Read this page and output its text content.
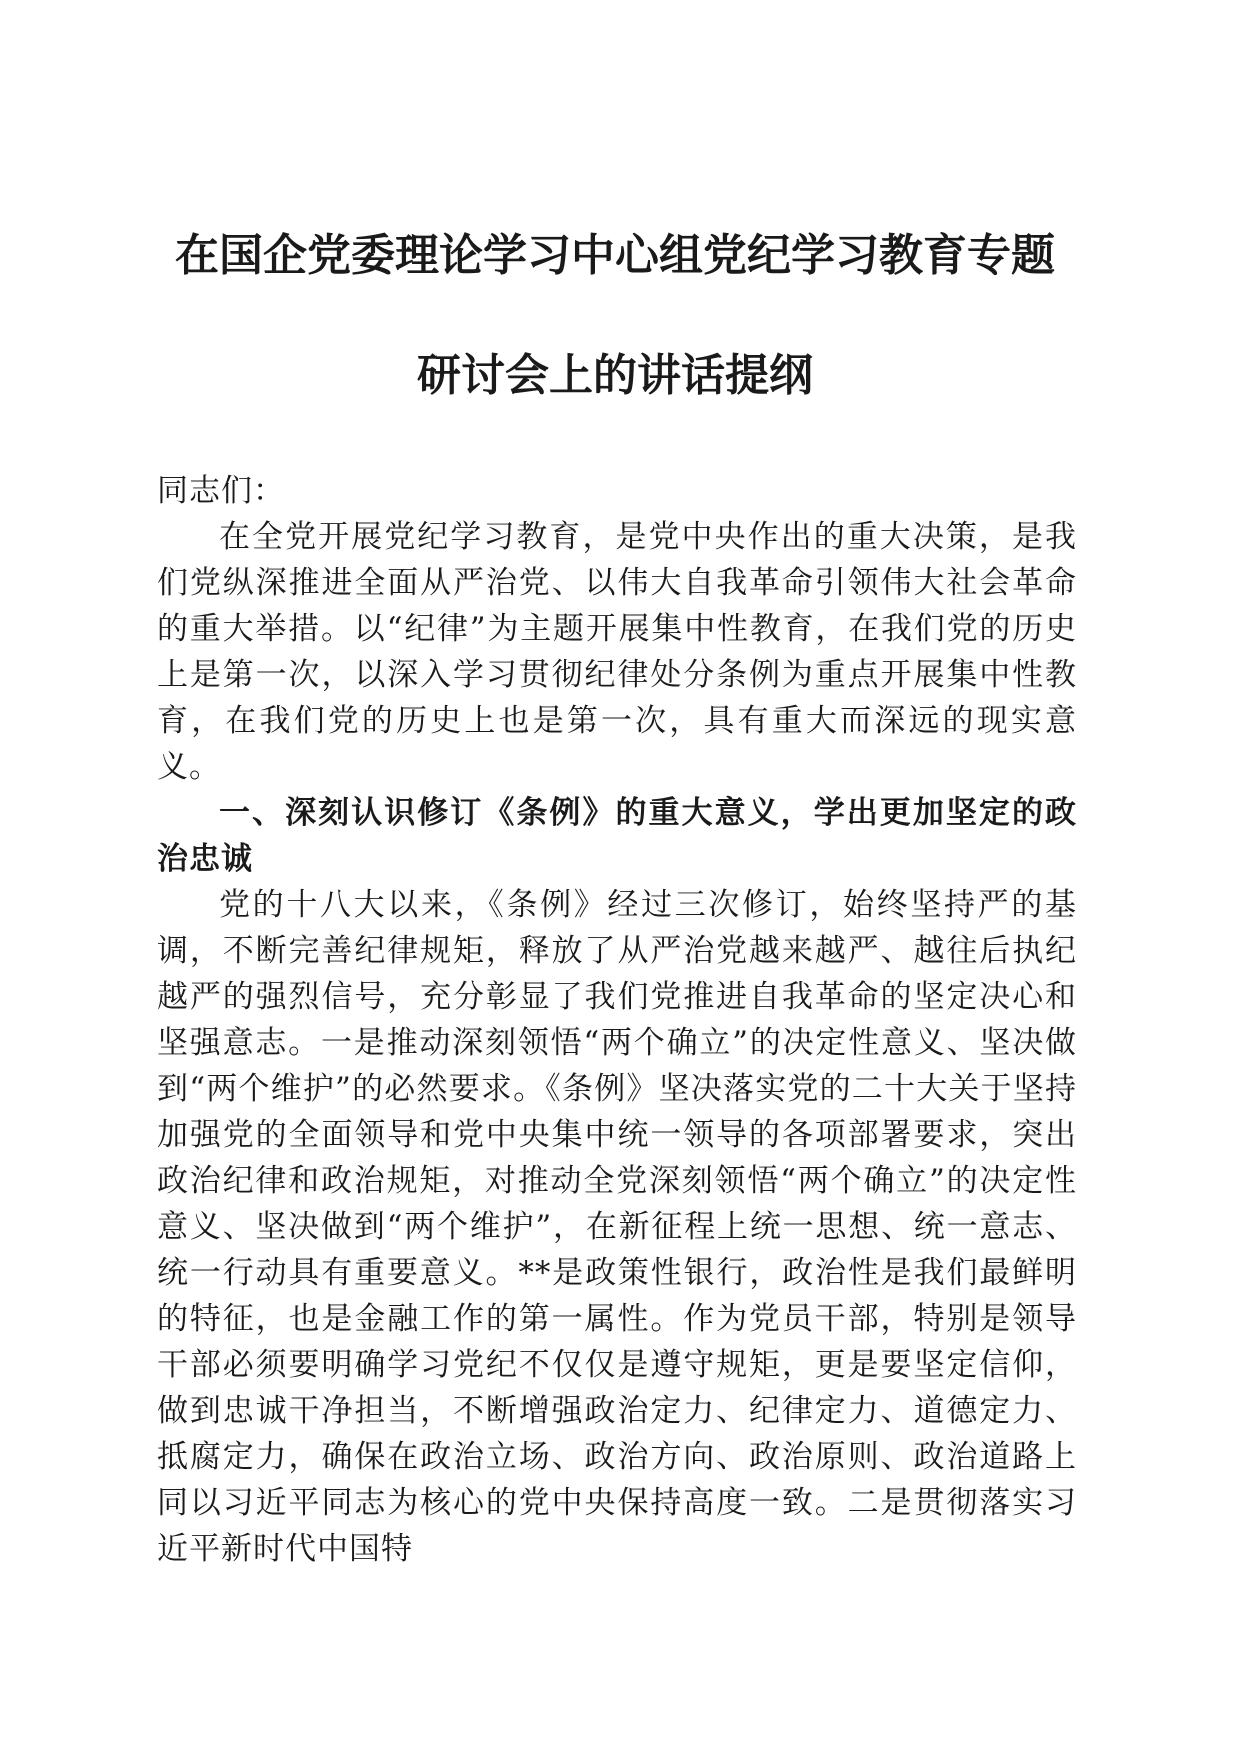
在国企党委理论学习中心组党纪学习教育专题
研讨会上的讲话提纲

同志们：

在全党开展党纪学习教育，是党中央作出的重大决策，是我们党纵深推进全面从严治党、以伟大自我革命引领伟大社会革命的重大举措。以“纪律”为主题开展集中性教育，在我们党的历史上是第一次，以深入学习贯彻纪律处分条例为重点开展集中性教育，在我们党的历史上也是第一次，具有重大而深远的现实意义。

一、深刻认识修订《条例》的重大意义，学出更加坚定的政治忠诚

党的十八大以来，《条例》经过三次修订，始终坚持严的基调，不断完善纪律规矩，释放了从严治党越来越严、越往后执纪越严的强烈信号，充分彰显了我们党推进自我革命的坚定决心和坚强意志。一是推动深刻领悟“两个确立”的决定性意义、坚决做到“两个维护”的必然要求。《条例》坚决落实党的二十大关于坚持加强党的全面领导和党中央集中统一领导的各项部署要求，突出政治纪律和政治规矩，对推动全党深刻领悟“两个确立”的决定性意义、坚决做到“两个维护”，在新征程上统一思想、统一意志、统一行动具有重要意义。**是政策性银行，政治性是我们最鲜明的特征，也是金融工作的第一属性。作为党员干部，特别是领导干部必须要明确学习党纪不仅仅是遵守规矩，更是要坚定信仰，做到忠诚干净担当，不断增强政治定力、纪律定力、道德定力、抵腐定力，确保在政治立场、政治方向、政治原则、政治道路上同以习近平同志为核心的党中央保持高度一致。二是贯彻落实习近平新时代中国特
